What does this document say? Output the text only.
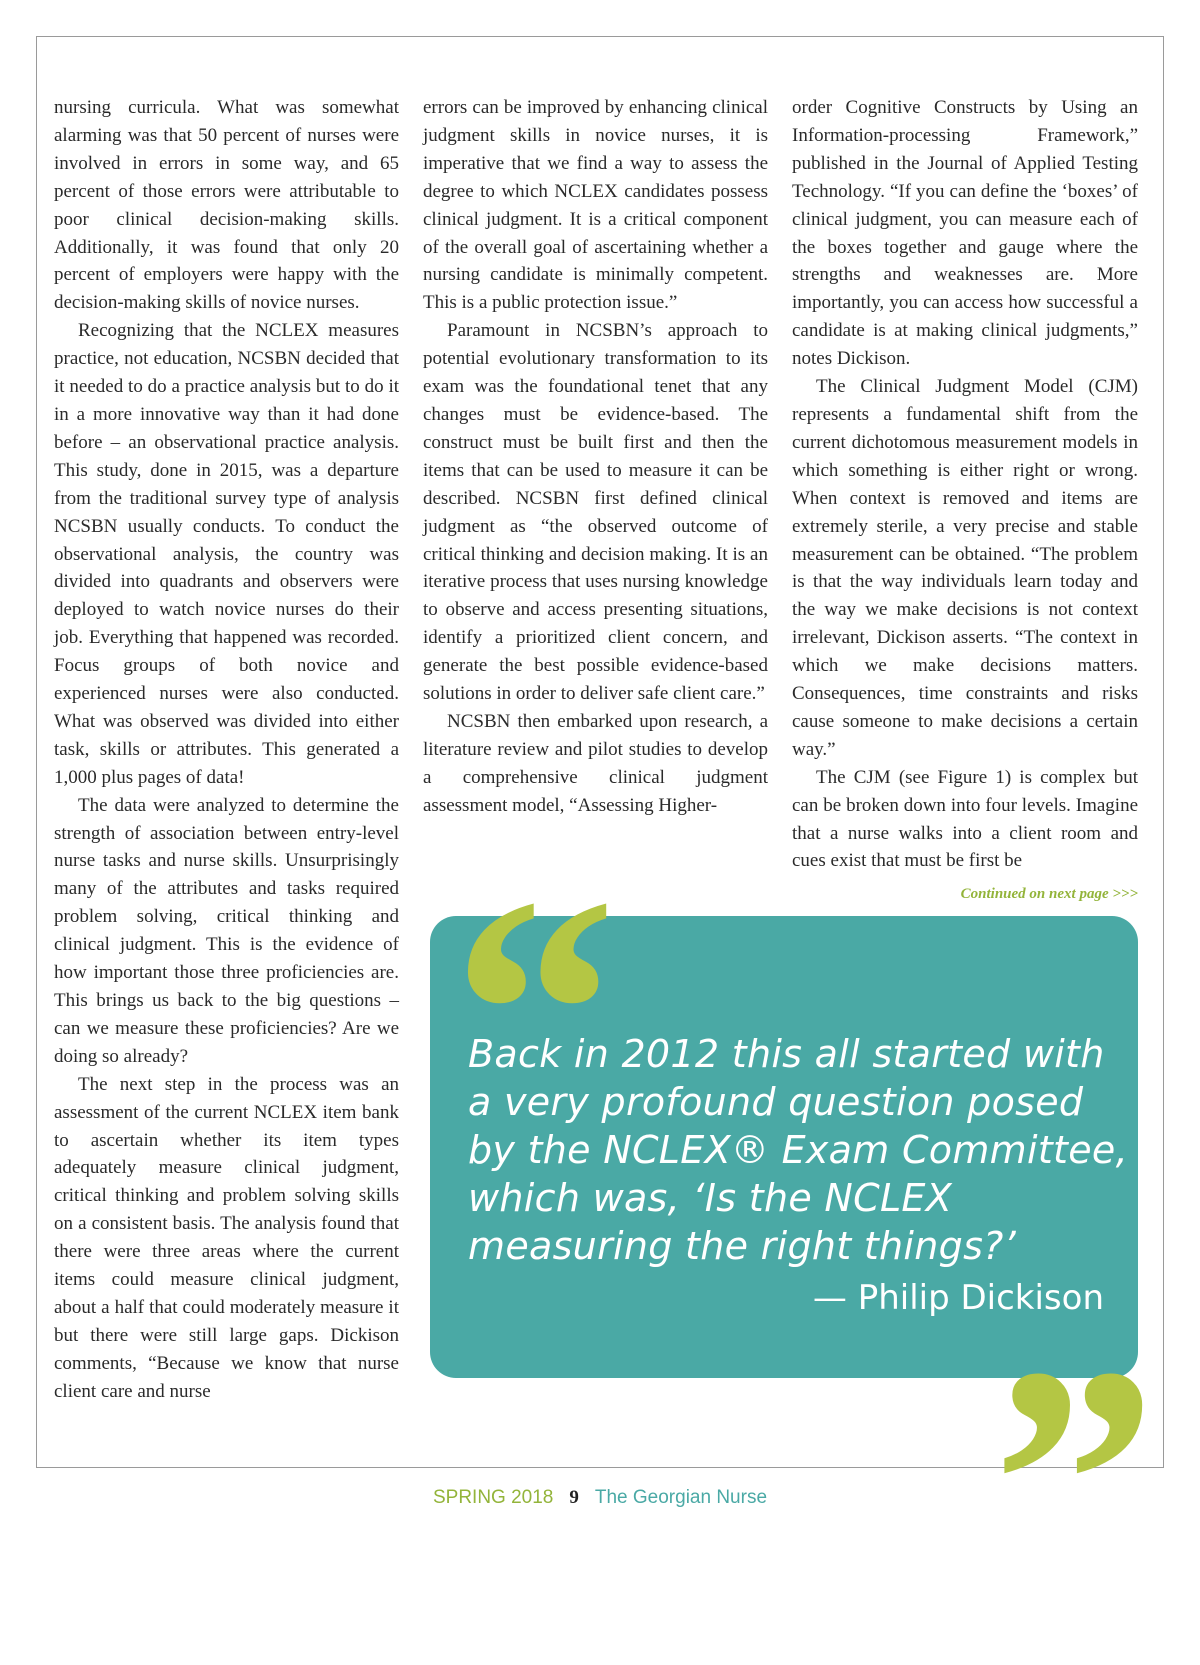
nursing curricula. What was somewhat alarming was that 50 percent of nurses were involved in errors in some way, and 65 percent of those errors were attributable to poor clinical decision-making skills. Additionally, it was found that only 20 percent of employers were happy with the decision-making skills of novice nurses.

Recognizing that the NCLEX measures practice, not education, NCSBN decided that it needed to do a practice analysis but to do it in a more innovative way than it had done before – an observational practice analysis. This study, done in 2015, was a departure from the traditional survey type of analysis NCSBN usually conducts. To conduct the observational analysis, the country was divided into quadrants and observers were deployed to watch novice nurses do their job. Everything that happened was recorded. Focus groups of both novice and experienced nurses were also conducted. What was observed was divided into either task, skills or attributes. This generated a 1,000 plus pages of data!

The data were analyzed to determine the strength of association between entry-level nurse tasks and nurse skills. Unsurprisingly many of the attributes and tasks required problem solving, critical thinking and clinical judgment. This is the evidence of how important those three proficiencies are. This brings us back to the big questions – can we measure these proficiencies? Are we doing so already?

The next step in the process was an assessment of the current NCLEX item bank to ascertain whether its item types adequately measure clinical judgment, critical thinking and problem solving skills on a consistent basis. The analysis found that there were three areas where the current items could measure clinical judgment, about a half that could moderately measure it but there were still large gaps. Dickison comments, “Because we know that nurse client care and nurse

errors can be improved by enhancing clinical judgment skills in novice nurses, it is imperative that we find a way to assess the degree to which NCLEX candidates possess clinical judgment. It is a critical component of the overall goal of ascertaining whether a nursing candidate is minimally competent. This is a public protection issue.”

Paramount in NCSBN’s approach to potential evolutionary transformation to its exam was the foundational tenet that any changes must be evidence-based. The construct must be built first and then the items that can be used to measure it can be described. NCSBN first defined clinical judgment as “the observed outcome of critical thinking and decision making. It is an iterative process that uses nursing knowledge to observe and access presenting situations, identify a prioritized client concern, and generate the best possible evidence-based solutions in order to deliver safe client care.”

NCSBN then embarked upon research, a literature review and pilot studies to develop a comprehensive clinical judgment assessment model, “Assessing Higher-

order Cognitive Constructs by Using an Information-processing Framework,” published in the Journal of Applied Testing Technology. “If you can define the ‘boxes’ of clinical judgment, you can measure each of the boxes together and gauge where the strengths and weaknesses are. More importantly, you can access how successful a candidate is at making clinical judgments,” notes Dickison.

The Clinical Judgment Model (CJM) represents a fundamental shift from the current dichotomous measurement models in which something is either right or wrong. When context is removed and items are extremely sterile, a very precise and stable measurement can be obtained. “The problem is that the way individuals learn today and the way we make decisions is not context irrelevant, Dickison asserts. “The context in which we make decisions matters. Consequences, time constraints and risks cause someone to make decisions a certain way.”

The CJM (see Figure 1) is complex but can be broken down into four levels. Imagine that a nurse walks into a client room and cues exist that must be first be

Continued on next page >>>
“
Back in 2012 this all started with a very profound question posed by the NCLEX® Exam Committee, which was, ‘Is the NCLEX measuring the right things?’
— Philip Dickison
”
SPRING 2018 9 The Georgian Nurse
